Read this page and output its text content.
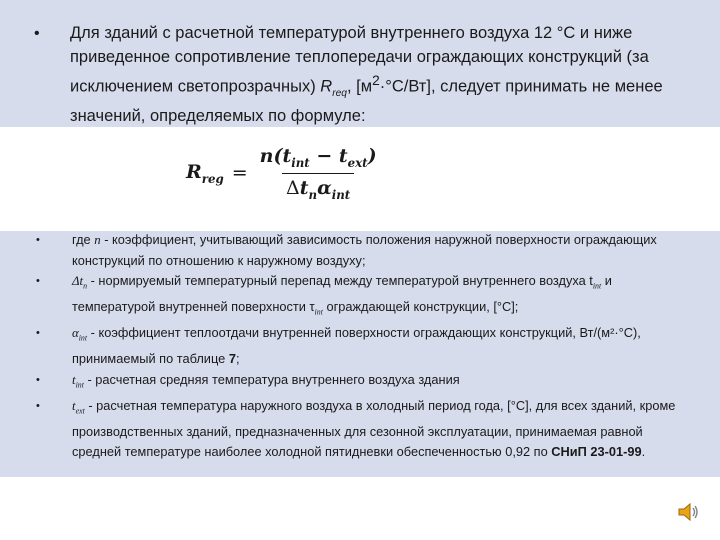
• Для зданий с расчетной температурой внутреннего воздуха 12 °С и ниже приведенное сопротивление теплопередачи ограждающих конструкций (за исключением светопрозрачных) $R_{req}$, $[м^2\cdot^\circ С/Вт]$, следует принимать не менее значений, определяемых по формуле:
$R_{reg} = \frac{n(t_{int} - t_{ext})}{\Delta t_n\alpha_{int}}$
•	где n - коэффициент, учитывающий зависимость положения наружной поверхности ограждающих конструкций по отношению к наружному воздуху;
•	$\Delta t_n$ - нормируемый температурный перепад между температурой внутреннего воздуха $t_{int}$ и температурой внутренней поверхности $\tau_{int}$ ограждающей конструкции, [°С];
•	$\alpha_{int}$ - коэффициент теплоотдачи внутренней поверхности ограждающих конструкций, Вт/(м²·°С), принимаемый по таблице 7;
•	$t_{int}$ - расчетная средняя температура внутреннего воздуха здания
•	$t_{ext}$ - расчетная температура наружного воздуха в холодный период года, [°С], для всех зданий, кроме производственных зданий, предназначенных для сезонной эксплуатации, принимаемая равной средней температуре наиболее холодной пятидневки обеспеченностью 0,92 по СНиП 23-01-99.
